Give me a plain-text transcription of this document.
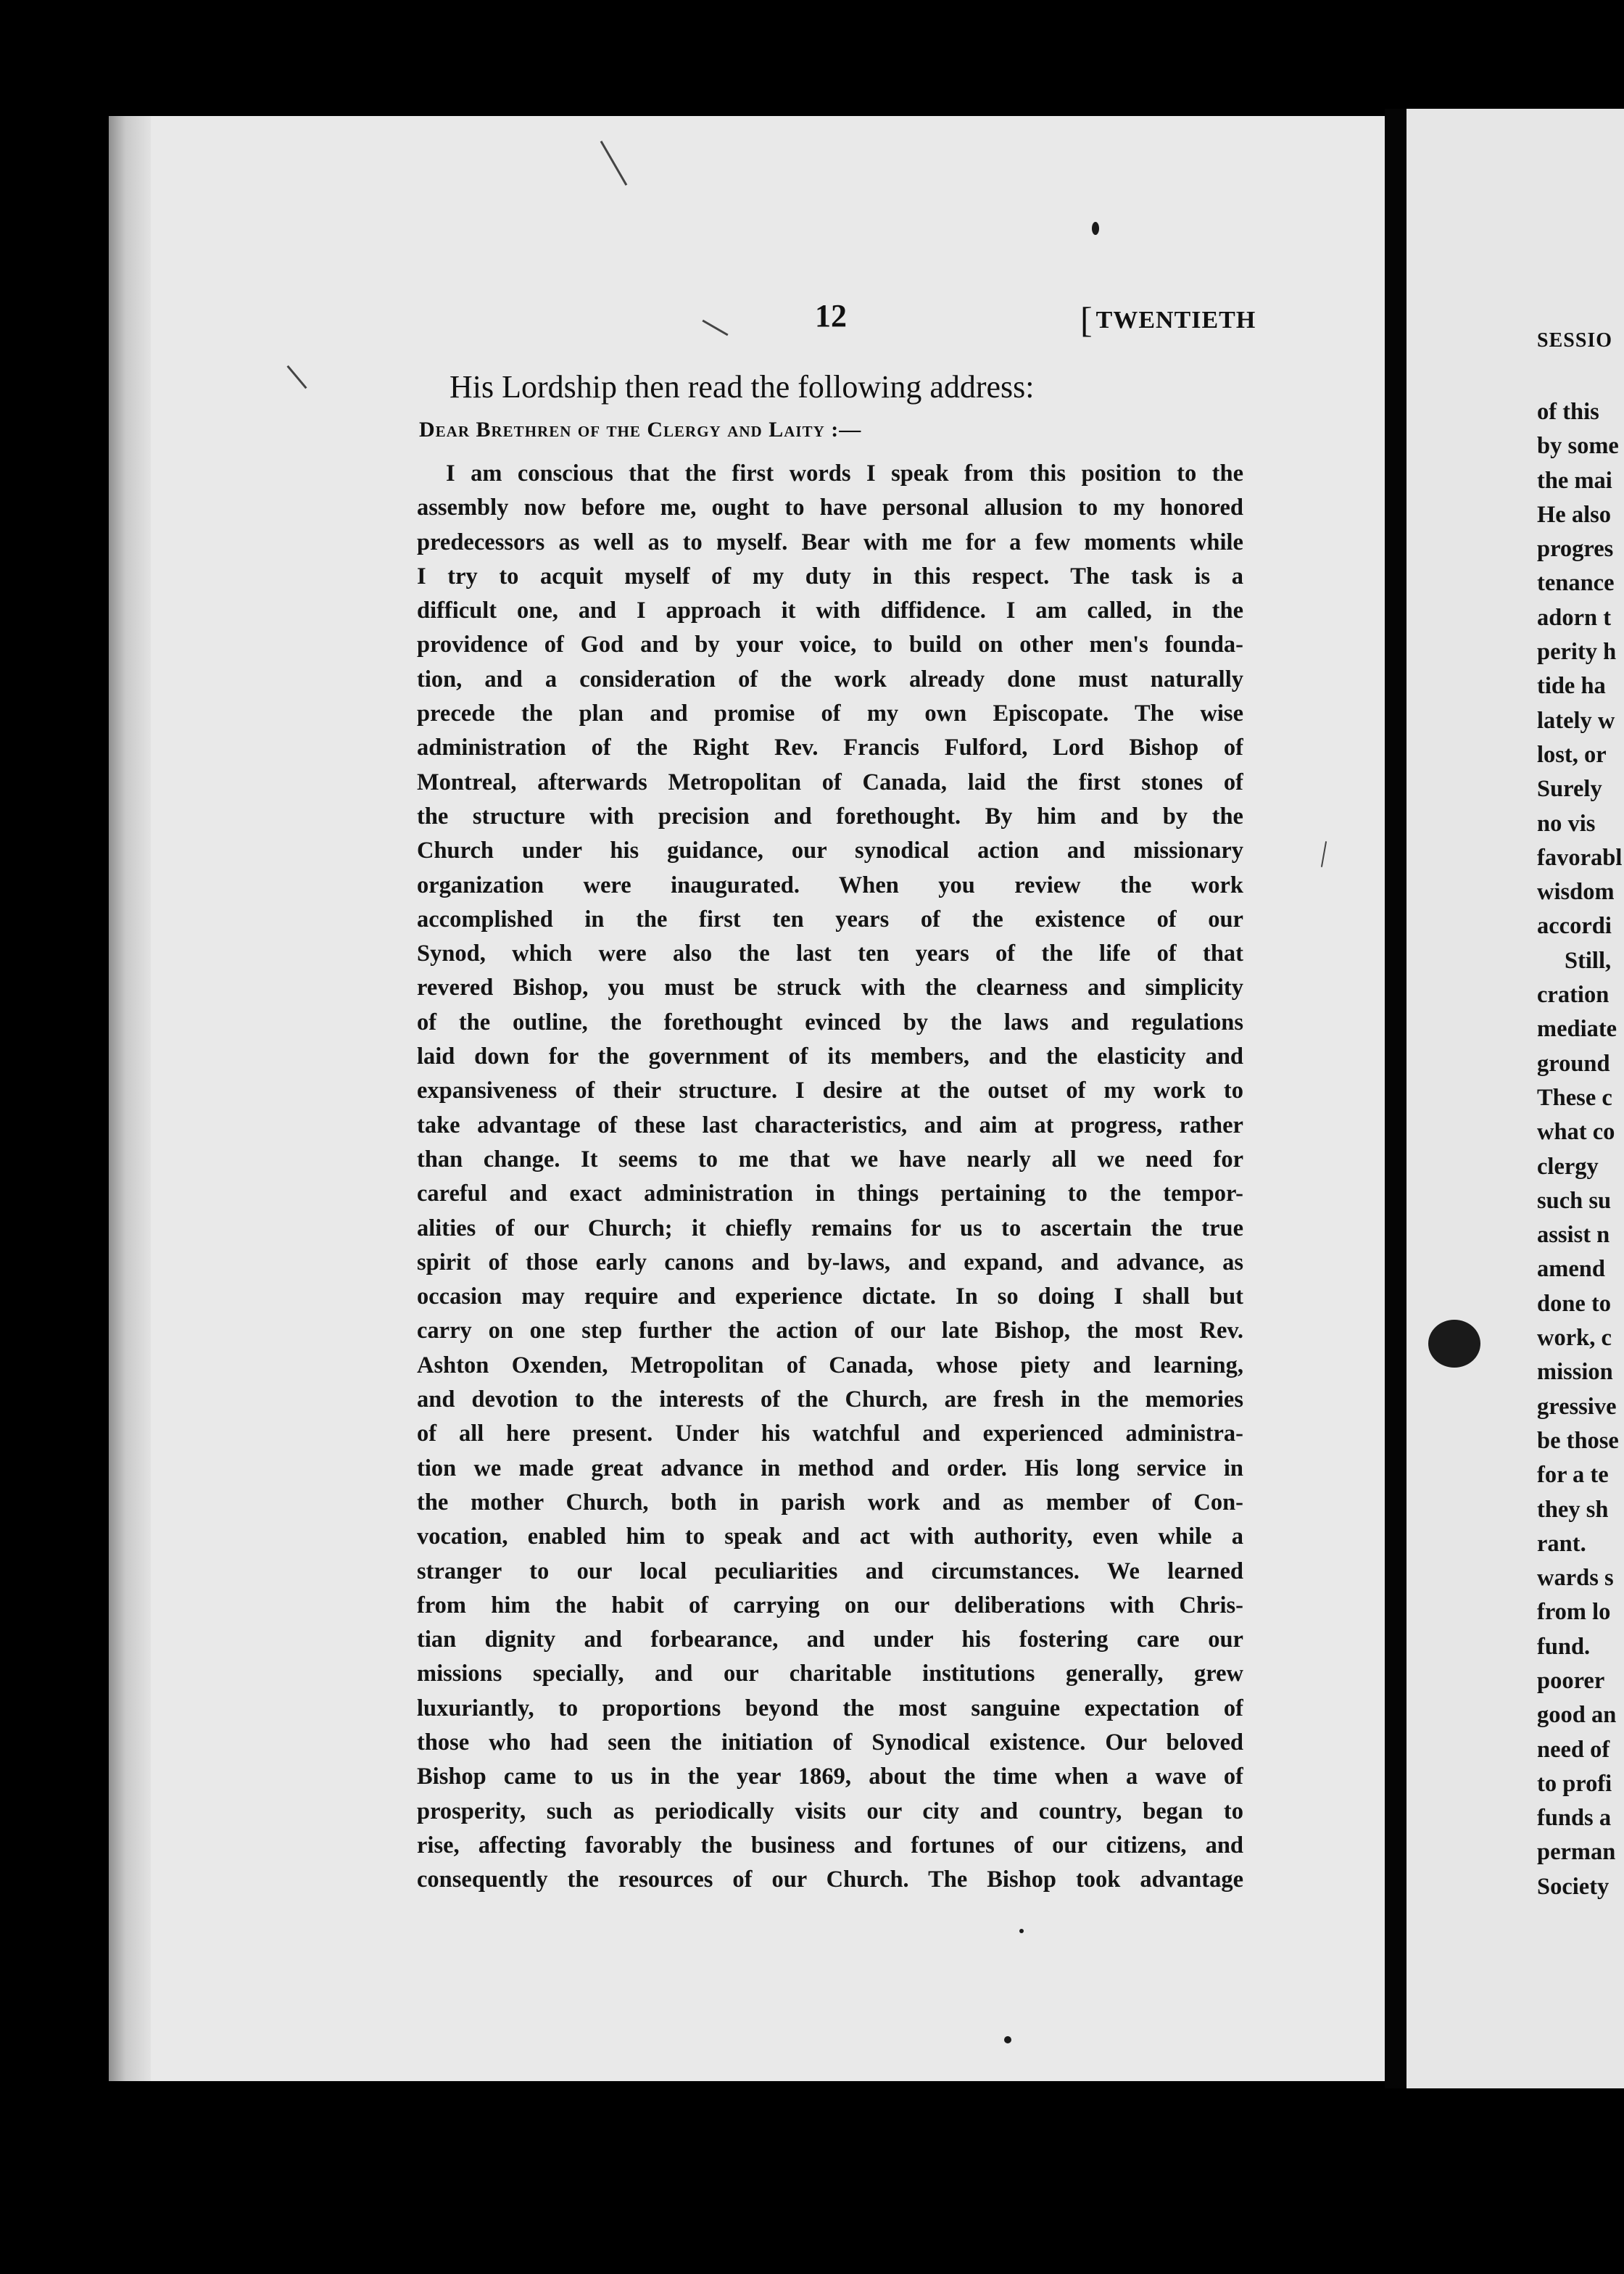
12	[ TWENTIETH
His Lordship then read the following address:
Dear Brethren of the Clergy and Laity :—
I am conscious that the first words I speak from this position to the
assembly now before me, ought to have personal allusion to my honored
predecessors as well as to myself. Bear with me for a few moments while
I try to acquit myself of my duty in this respect. The task is a
difficult one, and I approach it with diffidence. I am called, in the
providence of God and by your voice, to build on other men's founda-
tion, and a consideration of the work already done must naturally
precede the plan and promise of my own Episcopate. The wise
administration of the Right Rev. Francis Fulford, Lord Bishop of
Montreal, afterwards Metropolitan of Canada, laid the first stones of
the structure with precision and forethought. By him and by the
Church under his guidance, our synodical action and missionary
organization were inaugurated. When you review the work
accomplished in the first ten years of the existence of our
Synod, which were also the last ten years of the life of that
revered Bishop, you must be struck with the clearness and simplicity
of the outline, the forethought evinced by the laws and regulations
laid down for the government of its members, and the elasticity and
expansiveness of their structure. I desire at the outset of my work to
take advantage of these last characteristics, and aim at progress, rather
than change. It seems to me that we have nearly all we need for
careful and exact administration in things pertaining to the tempor-
alities of our Church; it chiefly remains for us to ascertain the true
spirit of those early canons and by-laws, and expand, and advance, as
occasion may require and experience dictate. In so doing I shall but
carry on one step further the action of our late Bishop, the most Rev.
Ashton Oxenden, Metropolitan of Canada, whose piety and learning,
and devotion to the interests of the Church, are fresh in the memories
of all here present. Under his watchful and experienced administra-
tion we made great advance in method and order. His long service in
the mother Church, both in parish work and as member of Con-
vocation, enabled him to speak and act with authority, even while a
stranger to our local peculiarities and circumstances. We learned
from him the habit of carrying on our deliberations with Chris-
tian dignity and forbearance, and under his fostering care our
missions specially, and our charitable institutions generally, grew
luxuriantly, to proportions beyond the most sanguine expectation of
those who had seen the initiation of Synodical existence. Our beloved
Bishop came to us in the year 1869, about the time when a wave of
prosperity, such as periodically visits our city and country, began to
rise, affecting favorably the business and fortunes of our citizens, and
consequently the resources of our Church. The Bishop took advantage
SESSIO
of this
by some
the mai
He also
progres
tenance
adorn t
perity h
tide ha
lately w
lost, or
Surely
no vis
favorabl
wisdom
accordi
Still,
cration
mediate
ground
These c
what co
clergy
such su
assist n
amend
done to
work, c
mission
gressive
be those
for a te
they sh
rant.
wards s
from lo
fund.
poorer
good an
need of
to profi
funds a
perman
Society
